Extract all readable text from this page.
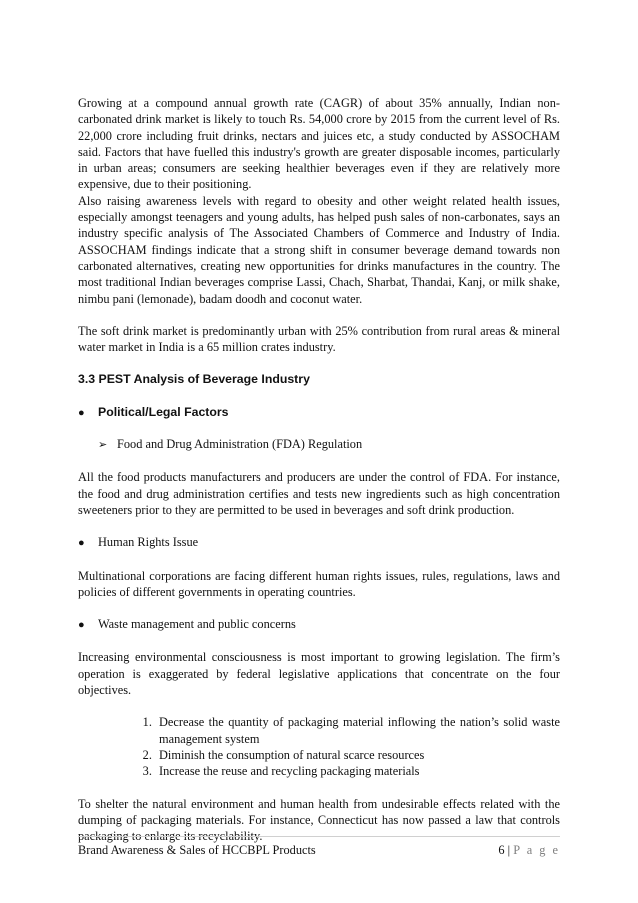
Growing at a compound annual growth rate (CAGR) of about 35% annually, Indian non-carbonated drink market is likely to touch Rs. 54,000 crore by 2015 from the current level of Rs. 22,000 crore including fruit drinks, nectars and juices etc, a study conducted by ASSOCHAM said. Factors that have fuelled this industry's growth are greater disposable incomes, particularly in urban areas; consumers are seeking healthier beverages even if they are relatively more expensive, due to their positioning.

Also raising awareness levels with regard to obesity and other weight related health issues, especially amongst teenagers and young adults, has helped push sales of non-carbonates, says an industry specific analysis of The Associated Chambers of Commerce and Industry of India. ASSOCHAM findings indicate that a strong shift in consumer beverage demand towards non carbonated alternatives, creating new opportunities for drinks manufactures in the country. The most traditional Indian beverages comprise Lassi, Chach, Sharbat, Thandai, Kanj, or milk shake, nimbu pani (lemonade), badam doodh and coconut water.

The soft drink market is predominantly urban with 25% contribution from rural areas & mineral water market in India is a 65 million crates industry.

3.3 PEST Analysis of Beverage Industry
●	Political/Legal Factors
➢ Food and Drug Administration (FDA) Regulation

All the food products manufacturers and producers are under the control of FDA. For instance, the food and drug administration certifies and tests new ingredients such as high concentration sweeteners prior to they are permitted to be used in beverages and soft drink production.

●	Human Rights Issue

Multinational corporations are facing different human rights issues, rules, regulations, laws and policies of different governments in operating countries.

●	Waste management and public concerns

Increasing environmental consciousness is most important to growing legislation. The firm’s operation is exaggerated by federal legislative applications that concentrate on the four objectives.

1. Decrease the quantity of packaging material inflowing the nation’s solid waste management system
2. Diminish the consumption of natural scarce resources
3. Increase the reuse and recycling packaging materials

To shelter the natural environment and human health from undesirable effects related with the dumping of packaging materials. For instance, Connecticut has now passed a law that controls packaging to enlarge its recyclability.

Brand Awareness & Sales of HCCBPL Products	6 | P a g e
